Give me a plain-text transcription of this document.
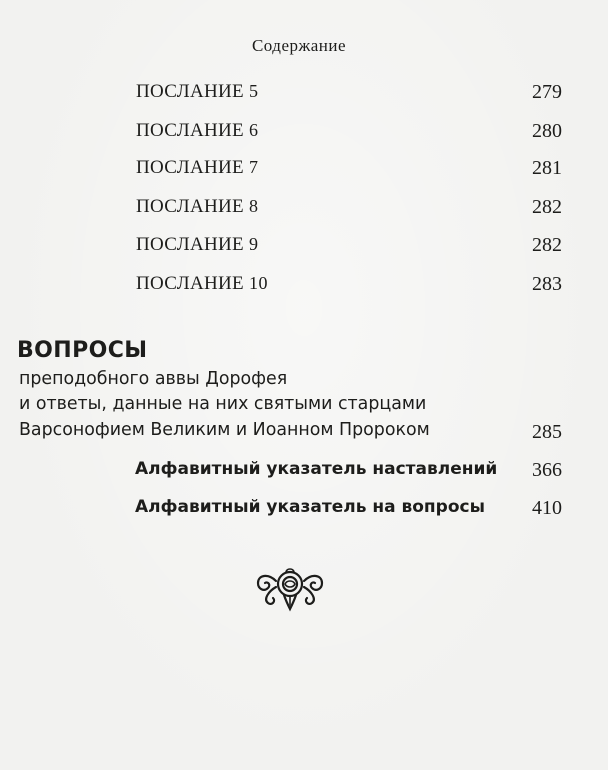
Содержание
ПОСЛАНИЕ 5	279
ПОСЛАНИЕ 6	280
ПОСЛАНИЕ 7	281
ПОСЛАНИЕ 8	282
ПОСЛАНИЕ 9	282
ПОСЛАНИЕ 10	283
ВОПРОСЫ
преподобного аввы Дорофея
и ответы, данные на них святыми старцами
Варсонофием Великим и Иоанном Пророком	285
Алфавитный указатель наставлений 366
Алфавитный указатель на вопросы 410
